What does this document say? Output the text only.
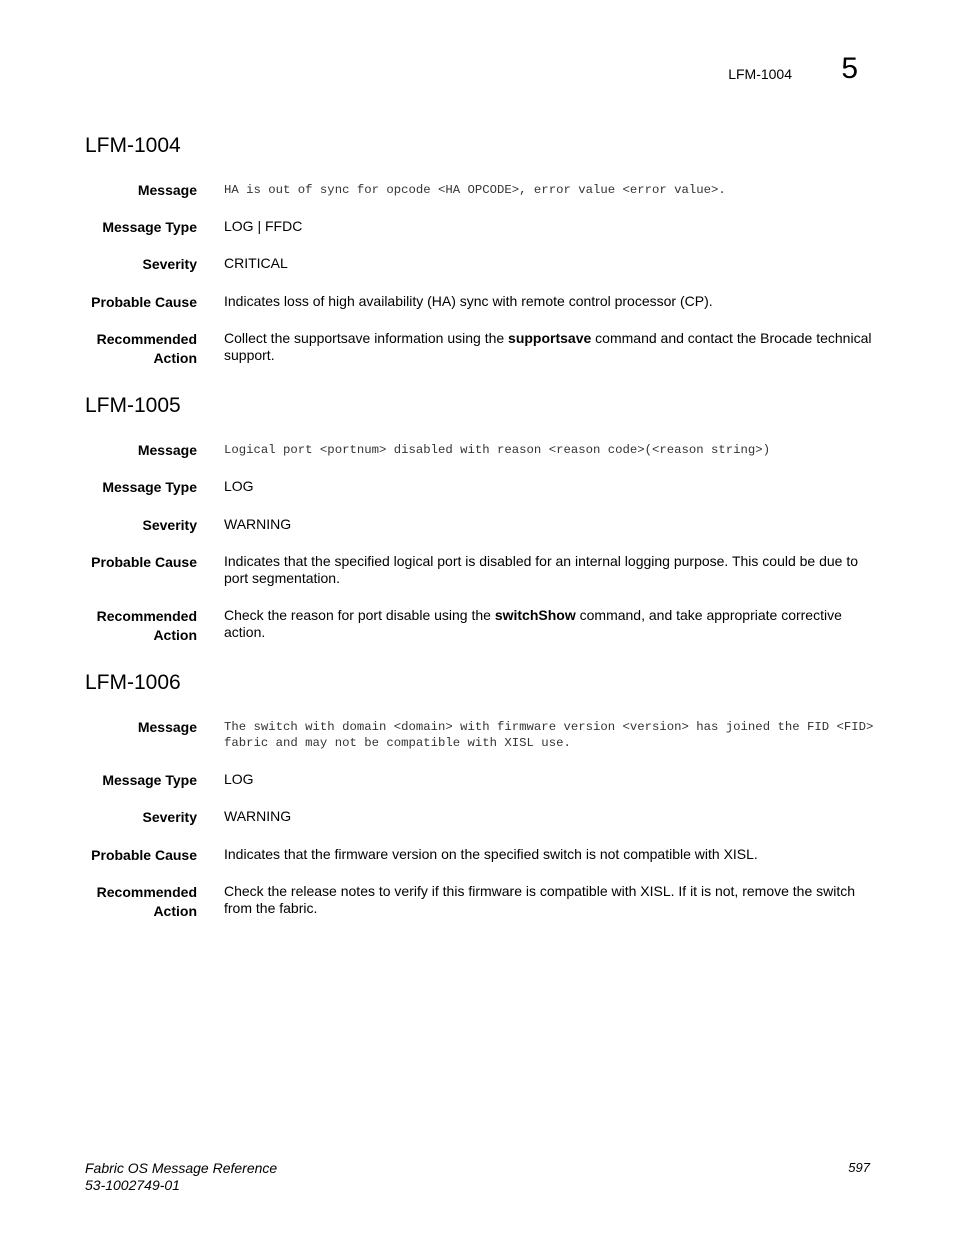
LFM-1004	5
LFM-1004
Message HA is out of sync for opcode <HA OPCODE>, error value <error value>.
Message Type LOG | FFDC
Severity CRITICAL
Probable Cause Indicates loss of high availability (HA) sync with remote control processor (CP).
Recommended Action
Collect the supportsave information using the supportsave command and contact the Brocade technical support.
LFM-1005
Message Logical port <portnum> disabled with reason <reason code>(<reason string>)
Message Type LOG
Severity WARNING
Probable Cause Indicates that the specified logical port is disabled for an internal logging purpose. This could be due to port segmentation.
Recommended Action
Check the reason for port disable using the switchShow command, and take appropriate corrective action.
LFM-1006
Message The switch with domain <domain> with firmware version <version> has joined the FID <FID> fabric and may not be compatible with XISL use.
Message Type LOG
Severity WARNING
Probable Cause Indicates that the firmware version on the specified switch is not compatible with XISL.
Recommended Action
Check the release notes to verify if this firmware is compatible with XISL. If it is not, remove the switch from the fabric.
Fabric OS Message Reference
53-1002749-01
597
